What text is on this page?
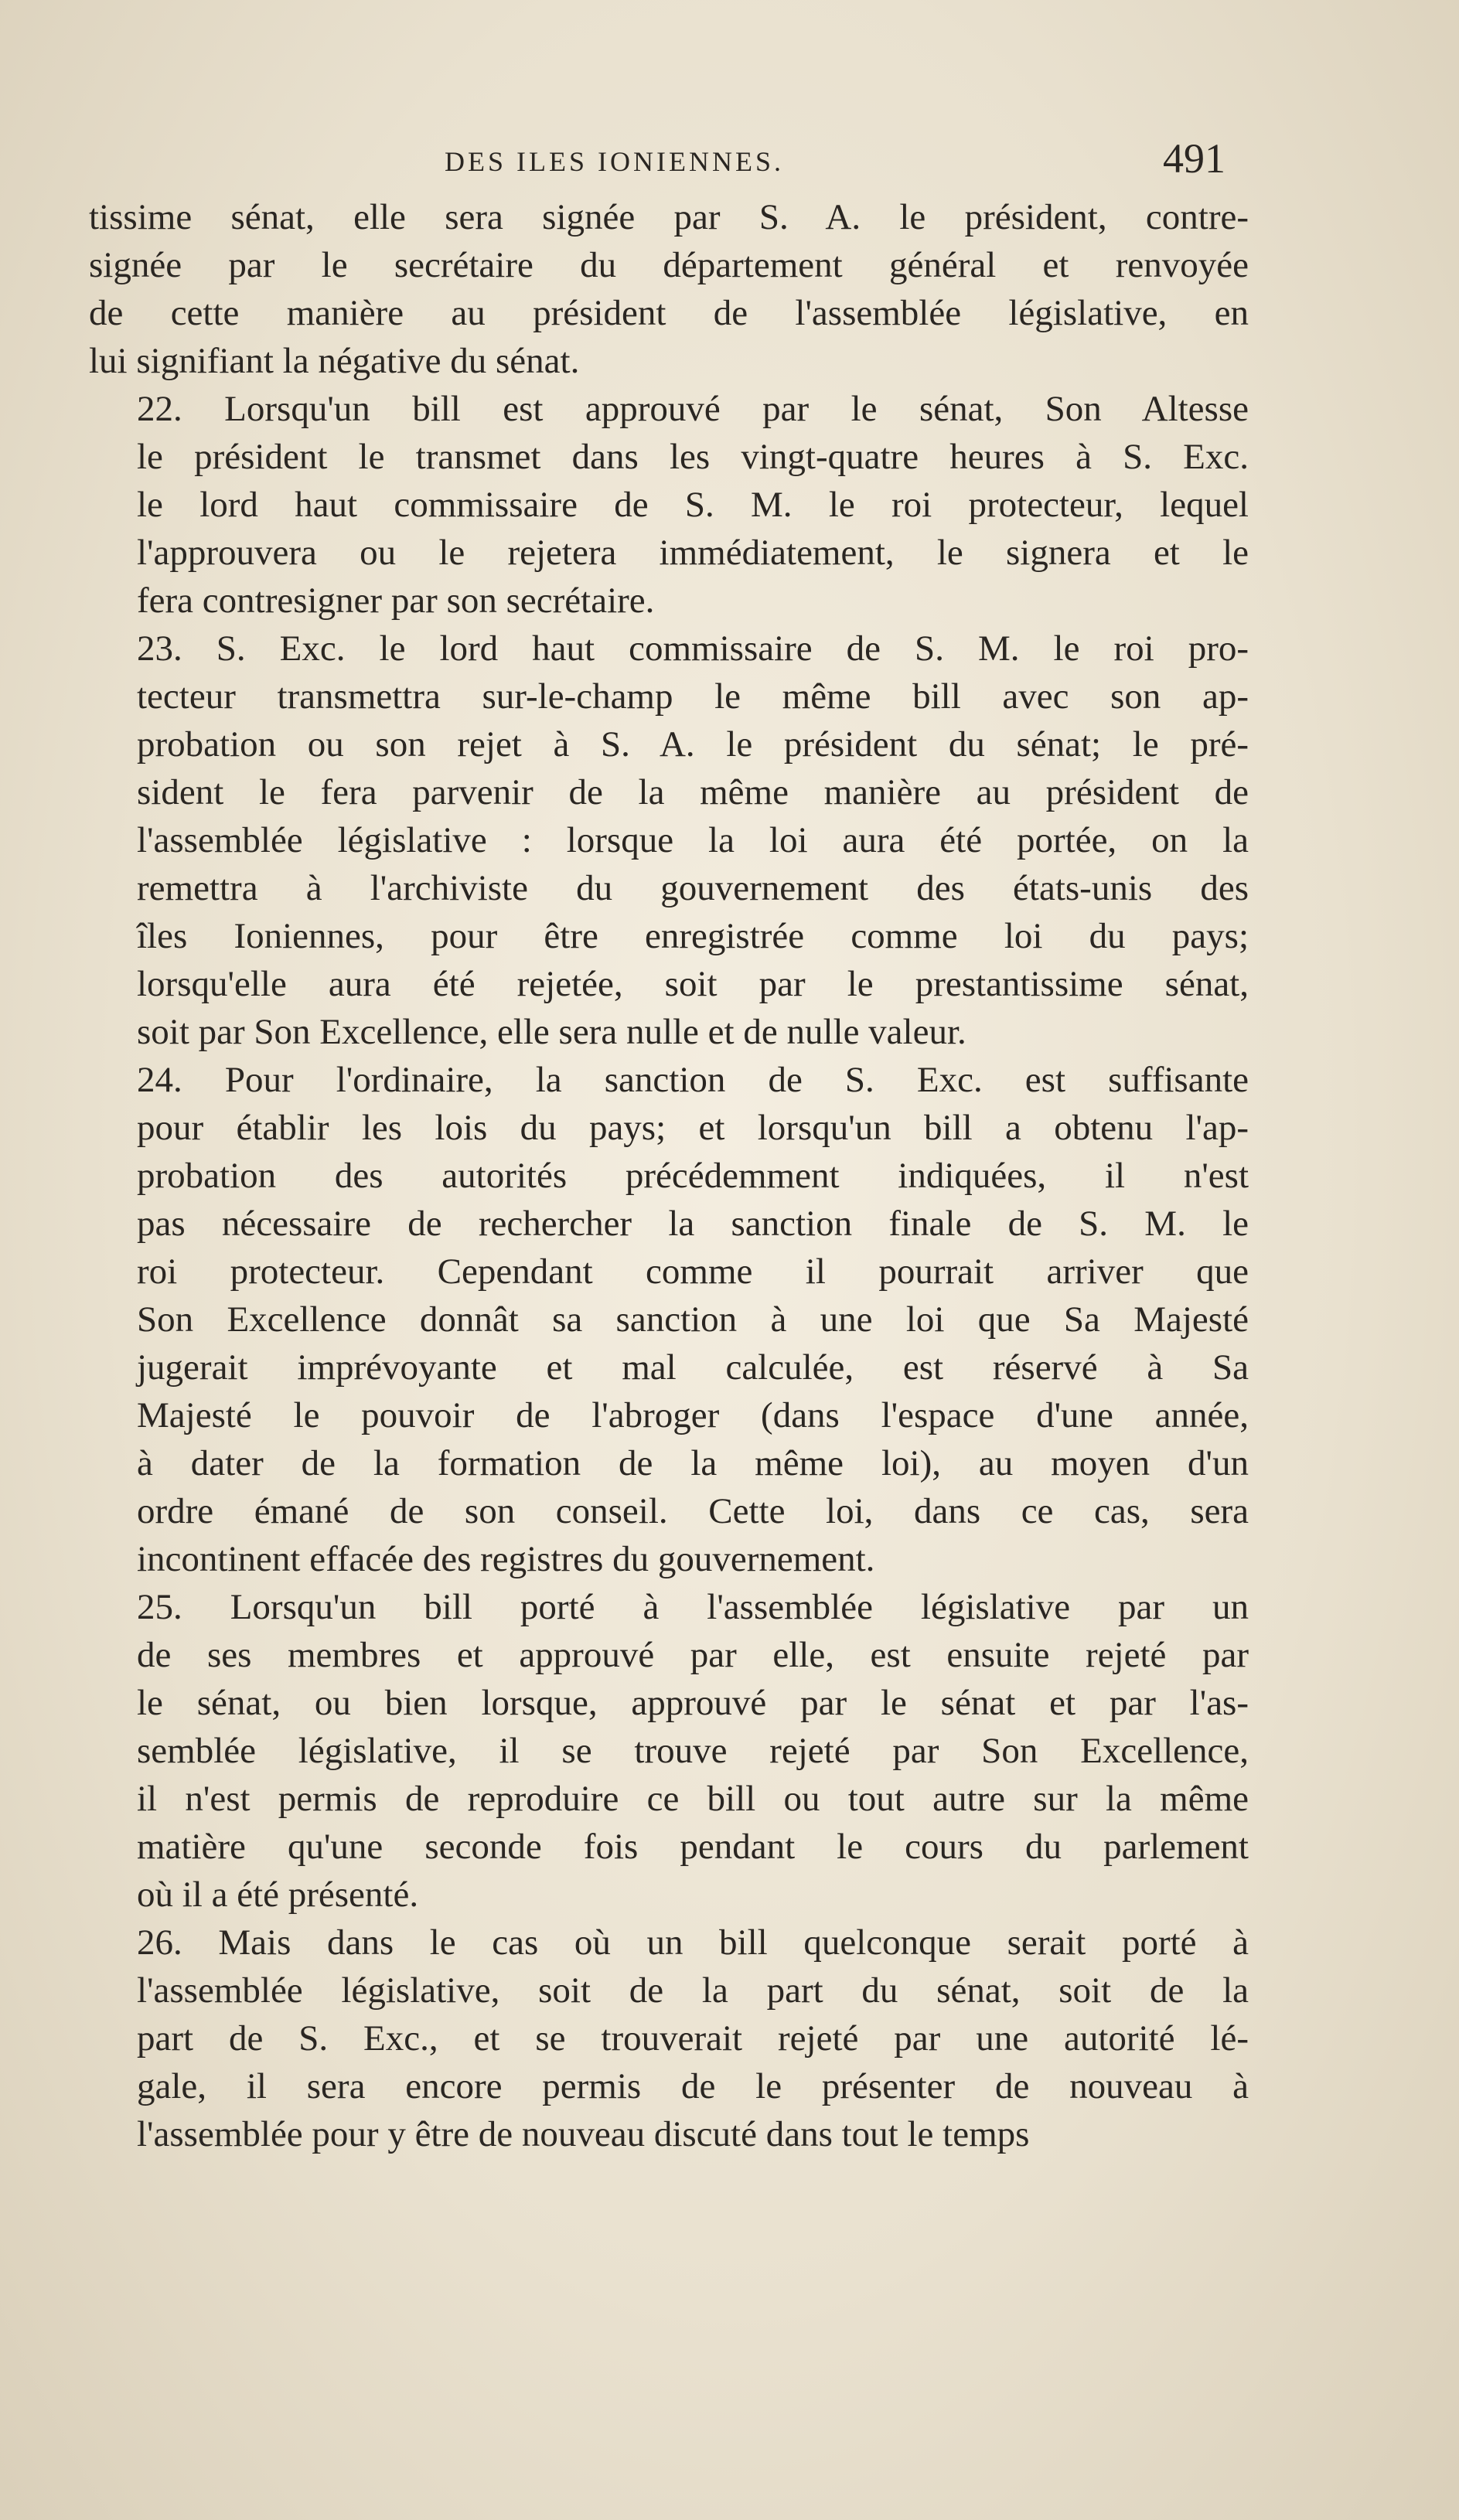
DES ILES IONIENNES.	491
tissime sénat, elle sera signée par S. A. le président, contre-
signée par le secrétaire du département général et renvoyée
de cette manière au président de l'assemblée législative, en
lui signifiant la négative du sénat.
22. Lorsqu'un bill est approuvé par le sénat, Son Altesse
le président le transmet dans les vingt-quatre heures à S. Exc.
le lord haut commissaire de S. M. le roi protecteur, lequel
l'approuvera ou le rejetera immédiatement, le signera et le
fera contresigner par son secrétaire.
23. S. Exc. le lord haut commissaire de S. M. le roi pro-
tecteur transmettra sur-le-champ le même bill avec son ap-
probation ou son rejet à S. A. le président du sénat; le pré-
sident le fera parvenir de la même manière au président de
l'assemblée législative : lorsque la loi aura été portée, on la
remettra à l'archiviste du gouvernement des états-unis des
îles Ioniennes, pour être enregistrée comme loi du pays;
lorsqu'elle aura été rejetée, soit par le prestantissime sénat,
soit par Son Excellence, elle sera nulle et de nulle valeur.
24. Pour l'ordinaire, la sanction de S. Exc. est suffisante
pour établir les lois du pays; et lorsqu'un bill a obtenu l'ap-
probation des autorités précédemment indiquées, il n'est
pas nécessaire de rechercher la sanction finale de S. M. le
roi protecteur. Cependant comme il pourrait arriver que
Son Excellence donnât sa sanction à une loi que Sa Majesté
jugerait imprévoyante et mal calculée, est réservé à Sa
Majesté le pouvoir de l'abroger (dans l'espace d'une année,
à dater de la formation de la même loi), au moyen d'un
ordre émané de son conseil. Cette loi, dans ce cas, sera
incontinent effacée des registres du gouvernement.
25. Lorsqu'un bill porté à l'assemblée législative par un
de ses membres et approuvé par elle, est ensuite rejeté par
le sénat, ou bien lorsque, approuvé par le sénat et par l'as-
semblée législative, il se trouve rejeté par Son Excellence,
il n'est permis de reproduire ce bill ou tout autre sur la même
matière qu'une seconde fois pendant le cours du parlement
où il a été présenté.
26. Mais dans le cas où un bill quelconque serait porté à
l'assemblée législative, soit de la part du sénat, soit de la
part de S. Exc., et se trouverait rejeté par une autorité lé-
gale, il sera encore permis de le présenter de nouveau à
l'assemblée pour y être de nouveau discuté dans tout le temps
